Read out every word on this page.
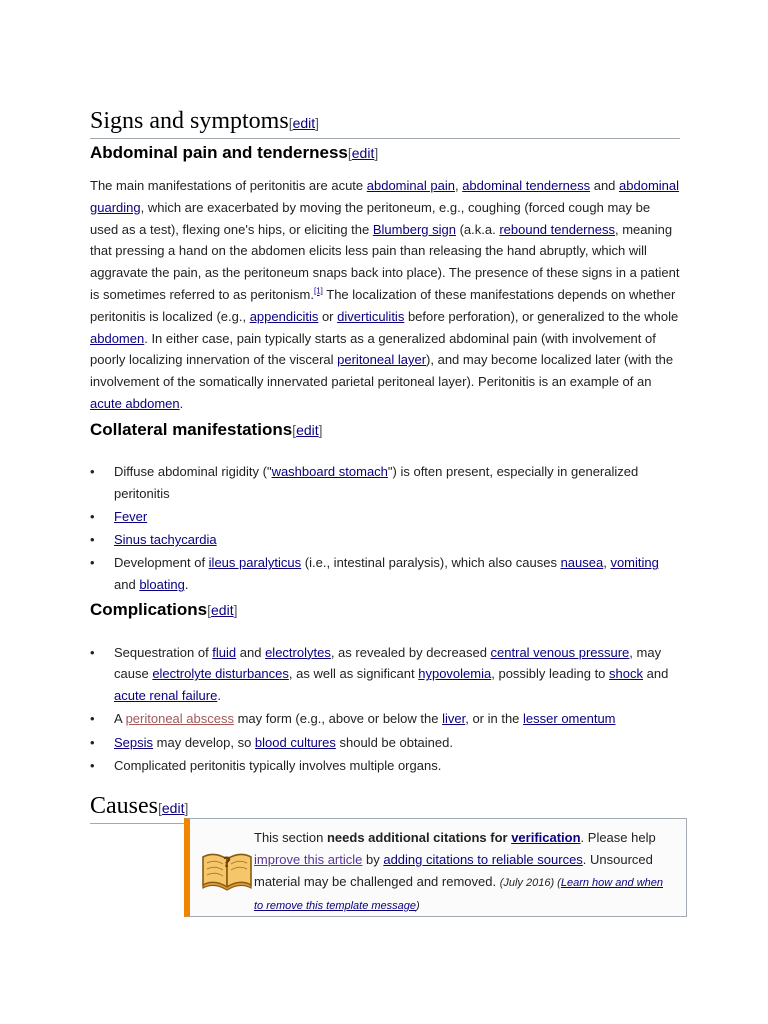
Signs and symptoms[edit]
Abdominal pain and tenderness[edit]

The main manifestations of peritonitis are acute abdominal pain, abdominal tenderness and abdominal guarding, which are exacerbated by moving the peritoneum, e.g., coughing (forced cough may be used as a test), flexing one's hips, or eliciting the Blumberg sign (a.k.a. rebound tenderness, meaning that pressing a hand on the abdomen elicits less pain than releasing the hand abruptly, which will aggravate the pain, as the peritoneum snaps back into place). The presence of these signs in a patient is sometimes referred to as peritonism.[1] The localization of these manifestations depends on whether peritonitis is localized (e.g., appendicitis or diverticulitis before perforation), or generalized to the whole abdomen. In either case, pain typically starts as a generalized abdominal pain (with involvement of poorly localizing innervation of the visceral peritoneal layer), and may become localized later (with the involvement of the somatically innervated parietal peritoneal layer). Peritonitis is an example of an acute abdomen.

Collateral manifestations[edit]
• Diffuse abdominal rigidity ("washboard stomach") is often present, especially in generalized peritonitis
• Fever
• Sinus tachycardia
• Development of ileus paralyticus (i.e., intestinal paralysis), which also causes nausea, vomiting and bloating.
Complications[edit]
• Sequestration of fluid and electrolytes, as revealed by decreased central venous pressure, may cause electrolyte disturbances, as well as significant hypovolemia, possibly leading to shock and acute renal failure.
• A peritoneal abscess may form (e.g., above or below the liver, or in the lesser omentum
• Sepsis may develop, so blood cultures should be obtained.
• Complicated peritonitis typically involves multiple organs.
Causes[edit]
?
This section needs additional citations for verification. Please help improve this article by adding citations to reliable sources. Unsourced material may be challenged and removed. (July 2016) (Learn how and when to remove this template message)
